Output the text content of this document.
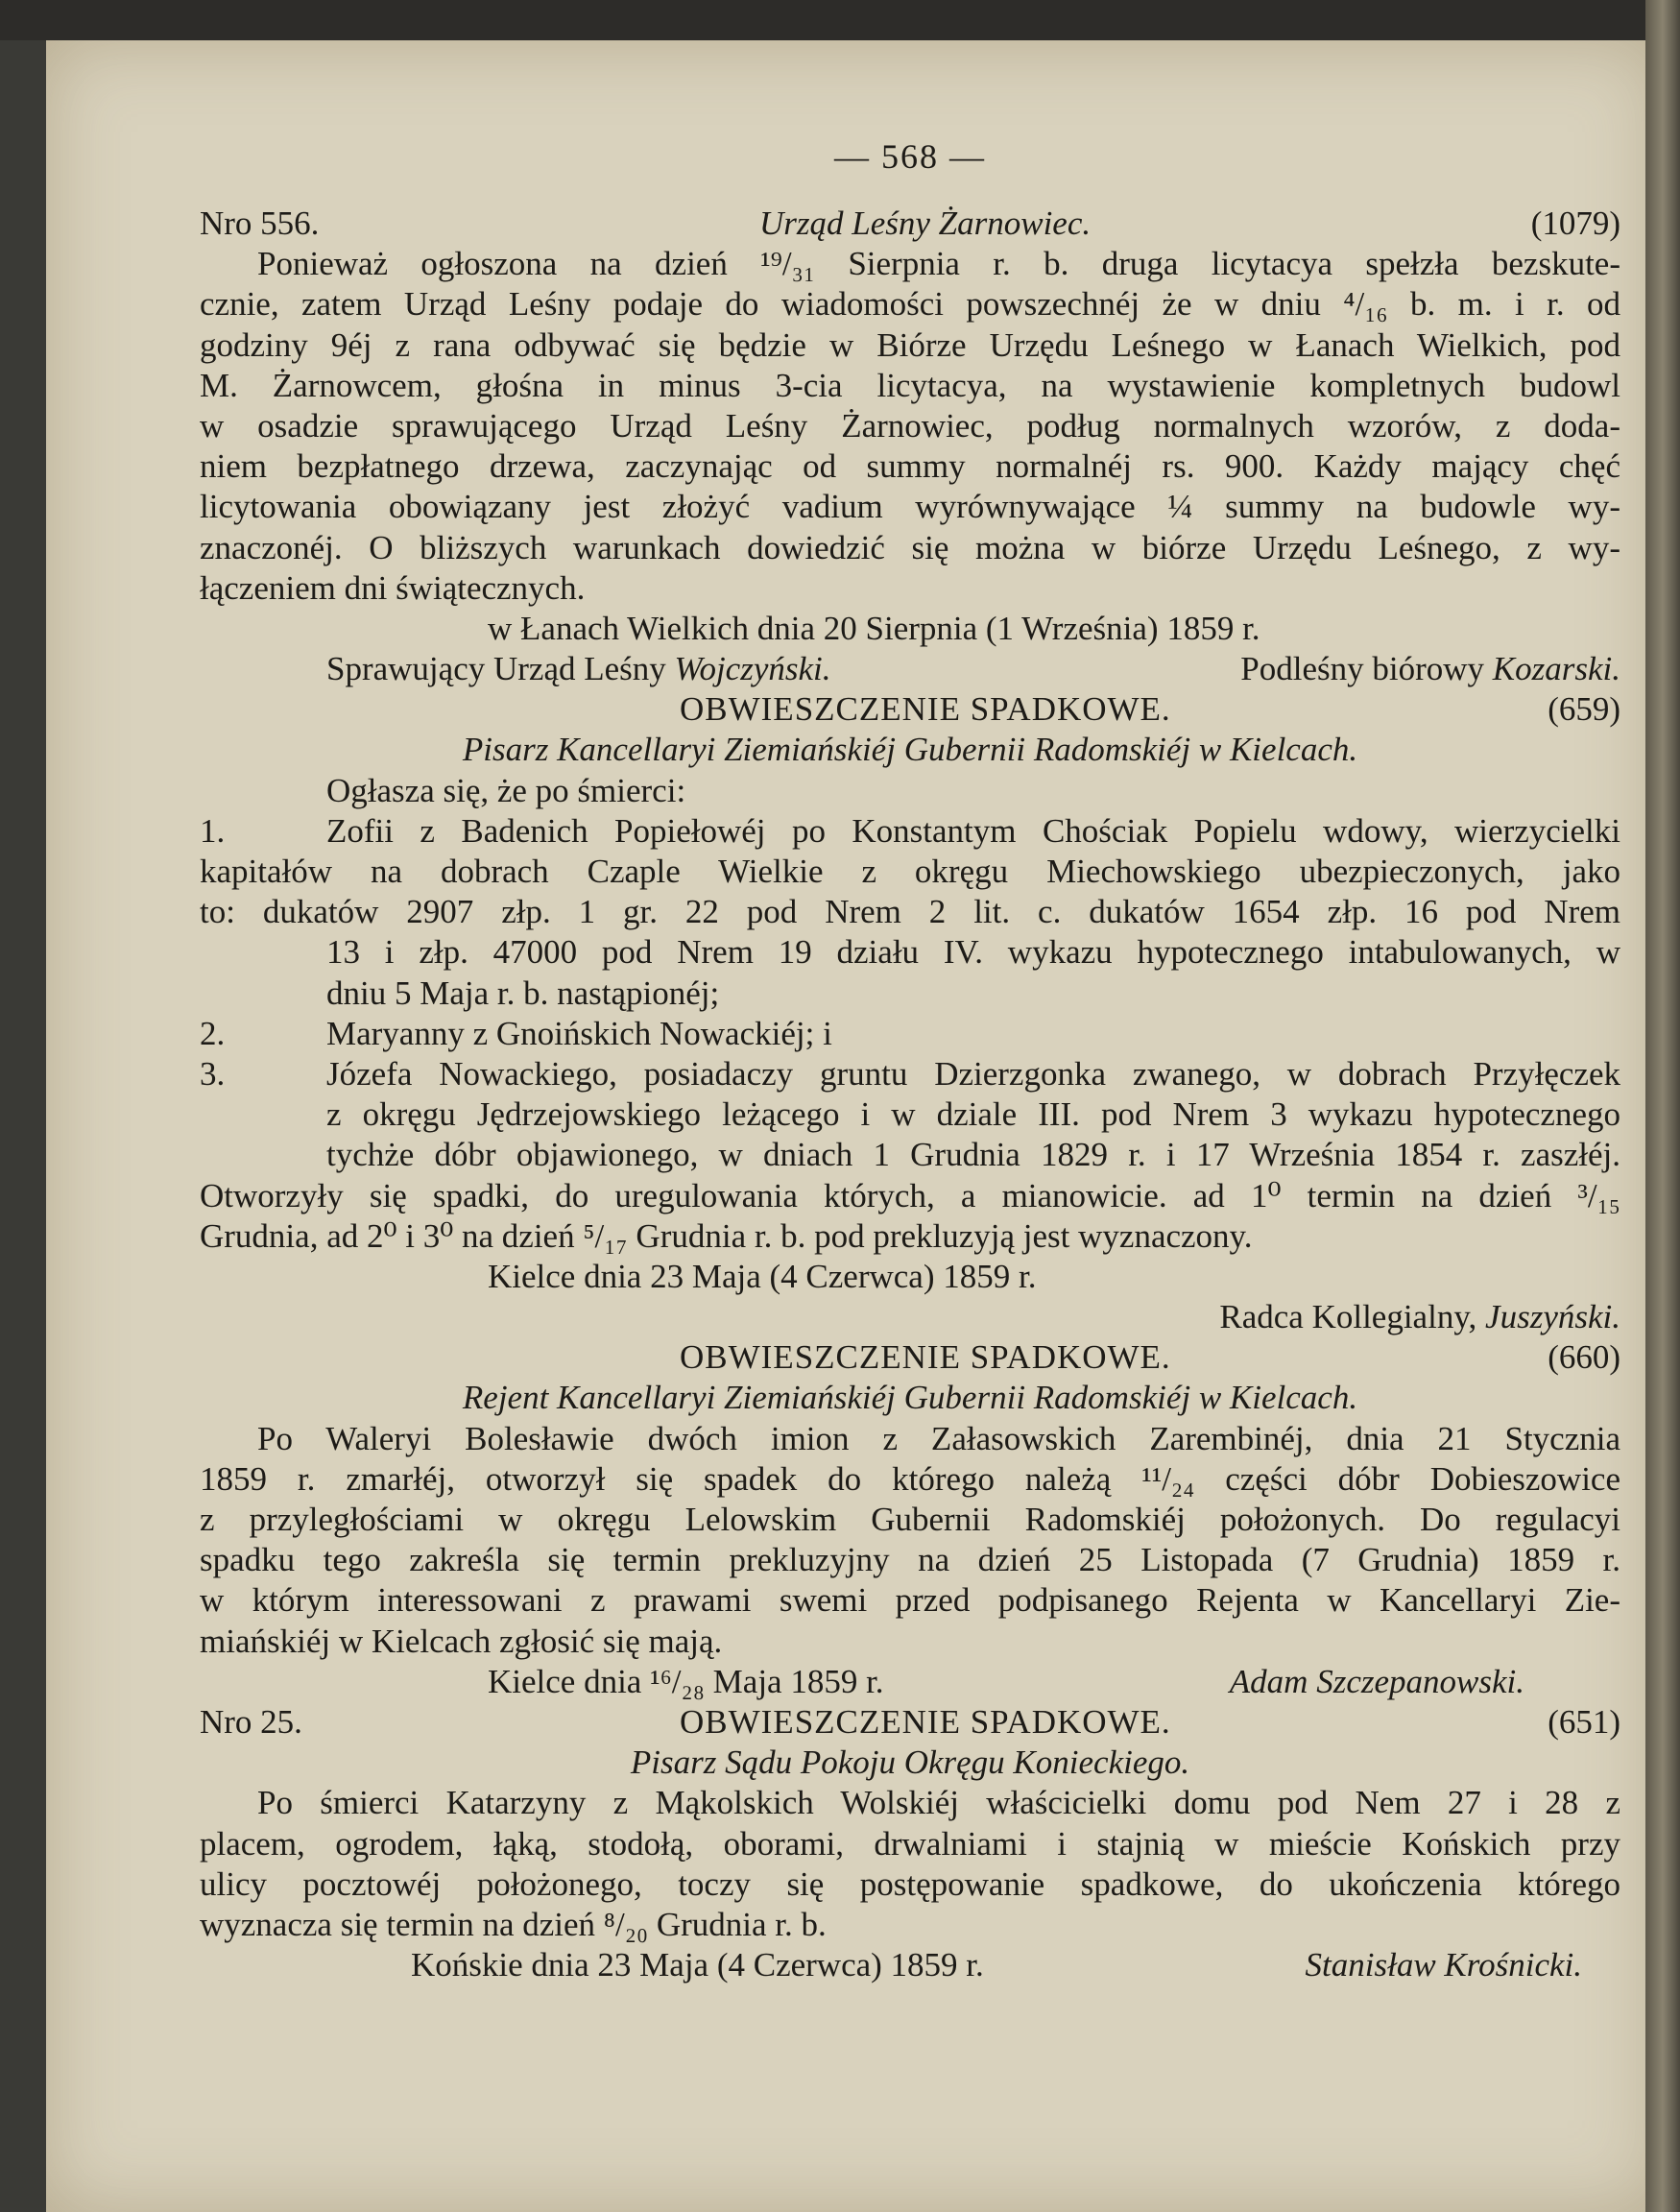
— 568 —
Nro 556.	Urząd Leśny Żarnowiec.	(1079)
Ponieważ ogłoszona na dzień ¹⁹/₃₁ Sierpnia r. b. druga licytacya spełzła bezskute-
cznie, zatem Urząd Leśny podaje do wiadomości powszechnéj że w dniu ⁴/₁₆ b. m. i r. od
godziny 9éj z rana odbywać się będzie w Biórze Urzędu Leśnego w Łanach Wielkich, pod
M. Żarnowcem, głośna in minus 3-cia licytacya, na wystawienie kompletnych budowl
w osadzie sprawującego Urząd Leśny Żarnowiec, podług normalnych wzorów, z doda-
niem bezpłatnego drzewa, zaczynając od summy normalnéj rs. 900. Każdy mający chęć
licytowania obowiązany jest złożyć vadium wyrównywające ¼ summy na budowle wy-
znaczonéj. O bliższych warunkach dowiedzić się można w biórze Urzędu Leśnego, z wy-
łączeniem dni świątecznych.
w Łanach Wielkich dnia 20 Sierpnia (1 Września) 1859 r.
Sprawujący Urząd Leśny Wojczyński.	Podleśny biórowy Kozarski.
OBWIESZCZENIE SPADKOWE.	(659)
Pisarz Kancellaryi Ziemiańskiéj Gubernii Radomskiéj w Kielcach.
Ogłasza się, że po śmierci:
1.	Zofii z Badenich Popiełowéj po Konstantym Chościak Popielu wdowy, wierzycielki
kapitałów na dobrach Czaple Wielkie z okręgu Miechowskiego ubezpieczonych, jako
to: dukatów 2907 złp. 1 gr. 22 pod Nrem 2 lit. c. dukatów 1654 złp. 16 pod Nrem
13 i złp. 47000 pod Nrem 19 działu IV. wykazu hypotecznego intabulowanych, w
dniu 5 Maja r. b. nastąpionéj;
2.	Maryanny z Gnoińskich Nowackiéj; i
3.	Józefa Nowackiego, posiadaczy gruntu Dzierzgonka zwanego, w dobrach Przyłęczek
z okręgu Jędrzejowskiego leżącego i w dziale III. pod Nrem 3 wykazu hypotecznego
tychże dóbr objawionego, w dniach 1 Grudnia 1829 r. i 17 Września 1854 r. zaszłéj.
Otworzyły się spadki, do uregulowania których, a mianowicie. ad 1⁰ termin na dzień ³/₁₅
Grudnia, ad 2⁰ i 3⁰ na dzień ⁵/₁₇ Grudnia r. b. pod prekluzyją jest wyznaczony.
Kielce dnia 23 Maja (4 Czerwca) 1859 r.
Radca Kollegialny, Juszyński.
OBWIESZCZENIE SPADKOWE.	(660)
Rejent Kancellaryi Ziemiańskiéj Gubernii Radomskiéj w Kielcach.
Po Waleryi Bolesławie dwóch imion z Załasowskich Zarembinéj, dnia 21 Stycznia
1859 r. zmarłéj, otworzył się spadek do którego należą ¹¹/₂₄ części dóbr Dobieszowice
z przyległościami w okręgu Lelowskim Gubernii Radomskiéj położonych. Do regulacyi
spadku tego zakreśla się termin prekluzyjny na dzień 25 Listopada (7 Grudnia) 1859 r.
w którym interessowani z prawami swemi przed podpisanego Rejenta w Kancellaryi Zie-
miańskiéj w Kielcach zgłosić się mają.
Kielce dnia ¹⁶/₂₈ Maja 1859 r.	Adam Szczepanowski.
Nro 25.	OBWIESZCZENIE SPADKOWE.	(651)
Pisarz Sądu Pokoju Okręgu Konieckiego.
Po śmierci Katarzyny z Mąkolskich Wolskiéj właścicielki domu pod Nem 27 i 28 z
placem, ogrodem, łąką, stodołą, oborami, drwalniami i stajnią w mieście Końskich przy
ulicy pocztowéj położonego, toczy się postępowanie spadkowe, do ukończenia którego
wyznacza się termin na dzień ⁸/₂₀ Grudnia r. b.
Końskie dnia 23 Maja (4 Czerwca) 1859 r.	Stanisław Krośnicki.
